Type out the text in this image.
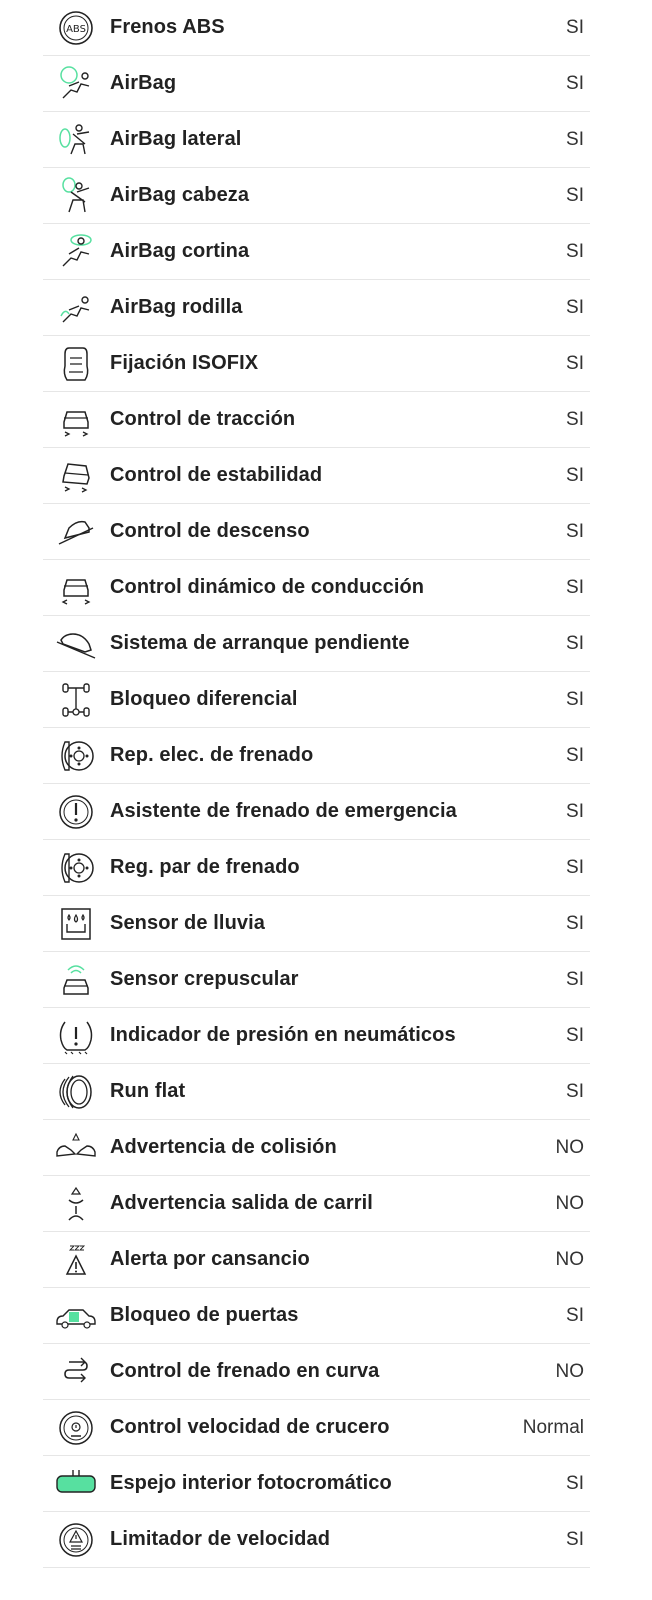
ABS Frenos ABS	SI
AirBag	SI
AirBag lateral	SI
AirBag cabeza	SI
AirBag cortina	SI
AirBag rodilla	SI
Fijación ISOFIX	SI
Control de tracción	SI
Control de estabilidad	SI
Control de descenso	SI
Control dinámico de conducción	SI
Sistema de arranque pendiente	SI
Bloqueo diferencial	SI
Rep. elec. de frenado	SI
Asistente de frenado de emergencia	SI
Reg. par de frenado	SI
Sensor de lluvia	SI
Sensor crepuscular	SI
Indicador de presión en neumáticos	SI
Run flat	SI
Advertencia de colisión	NO
Advertencia salida de carril	NO
Alerta por cansancio	NO
Bloqueo de puertas	SI
Control de frenado en curva	NO
Control velocidad de crucero	Normal
Espejo interior fotocromático	SI
Limitador de velocidad	SI
